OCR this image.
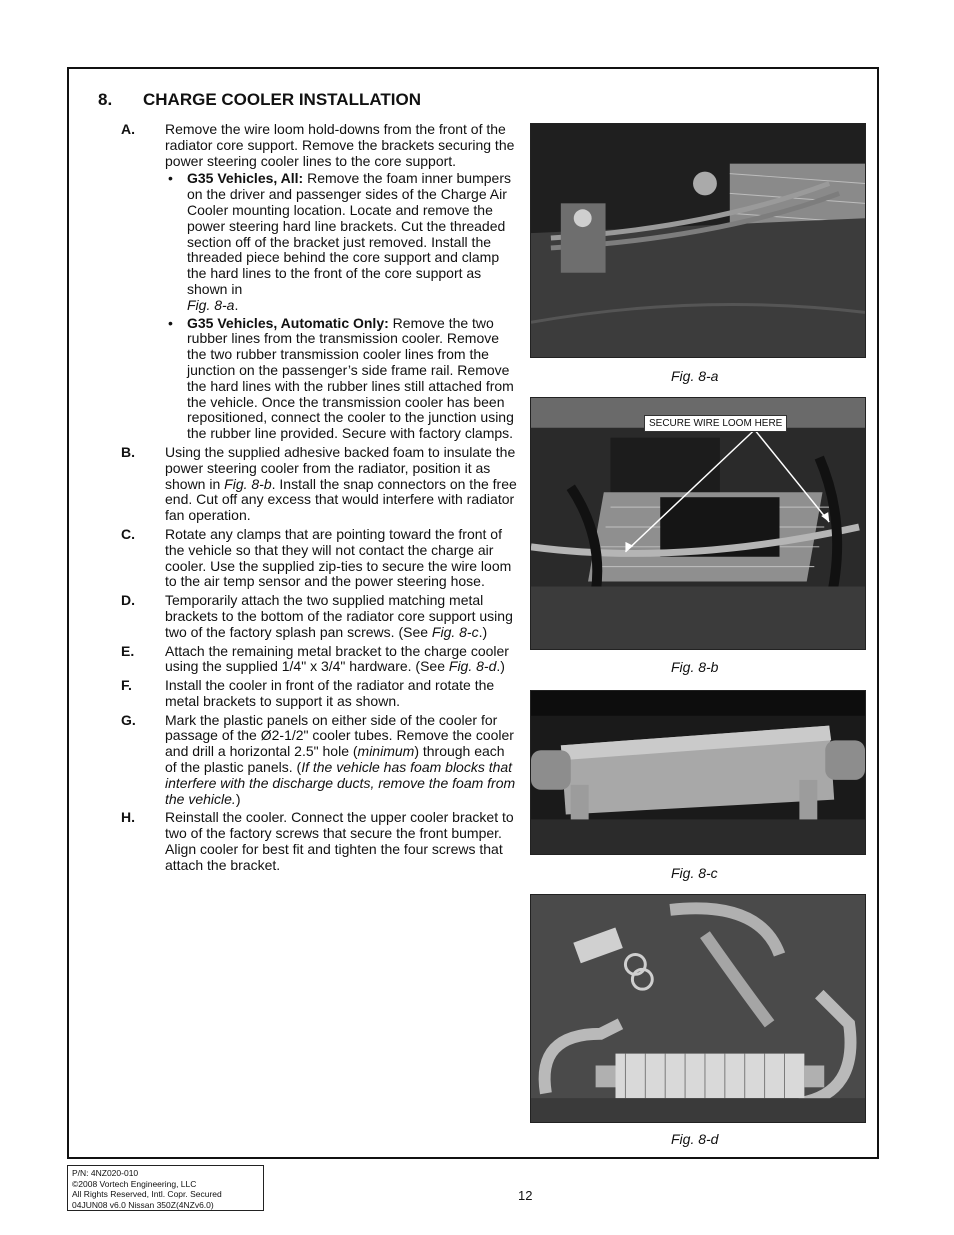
8. CHARGE COOLER INSTALLATION
A. Remove the wire loom hold-downs from the front of the radiator core support. Remove the brackets securing the power steering cooler lines to the core support.
• G35 Vehicles, All: Remove the foam inner bumpers on the driver and passenger sides of the Charge Air Cooler mounting location. Locate and remove the power steering hard line brackets. Cut the threaded section off of the bracket just removed. Install the threaded piece behind the core support and clamp the hard lines to the front of the core support as shown in
Fig. 8-a.
• G35 Vehicles, Automatic Only: Remove the two rubber lines from the transmission cooler. Remove the two rubber transmission cooler lines from the junction on the passenger’s side frame rail. Remove the hard lines with the rubber lines still attached from the vehicle. Once the transmission cooler has been repositioned, connect the cooler to the junction using the rubber line provided. Secure with factory clamps.
B. Using the supplied adhesive backed foam to insulate the power steering cooler from the radiator, position it as shown in Fig. 8-b. Install the snap connectors on the free end. Cut off any excess that would interfere with radiator fan operation.
C. Rotate any clamps that are pointing toward the front of the vehicle so that they will not contact the charge air cooler. Use the supplied zip-ties to secure the wire loom to the air temp sensor and the power steering hose.
D. Temporarily attach the two supplied matching metal brackets to the bottom of the radiator core support using two of the factory splash pan screws. (See Fig. 8-c.)
E. Attach the remaining metal bracket to the charge cooler using the supplied 1/4" x 3/4" hardware. (See Fig. 8-d.)
F. Install the cooler in front of the radiator and rotate the metal brackets to support it as shown.
G. Mark the plastic panels on either side of the cooler for passage of the Ø2-1/2" cooler tubes. Remove the cooler and drill a horizontal 2.5" hole (minimum) through each of the plastic panels. (If the vehicle has foam blocks that interfere with the discharge ducts, remove the foam from the vehicle.)
H. Reinstall the cooler. Connect the upper cooler bracket to two of the factory screws that secure the front bumper. Align cooler for best fit and tighten the four screws that attach the bracket.
Fig. 8-a
SECURE WIRE LOOM HERE
Fig. 8-b
Fig. 8-c
Fig. 8-d
P/N: 4NZ020-010
©2008 Vortech Engineering, LLC
All Rights Reserved, Intl. Copr. Secured
04JUN08 v6.0 Nissan 350Z(4NZv6.0)
12
